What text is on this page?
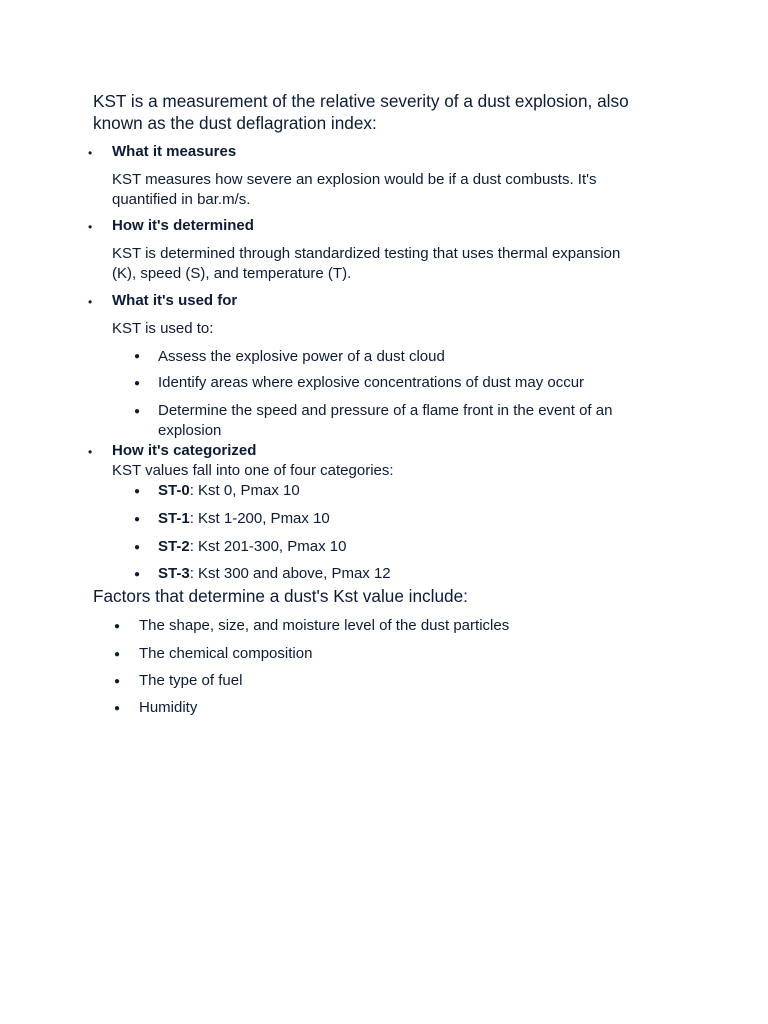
KST is a measurement of the relative severity of a dust explosion, also
known as the dust deflagration index:
• What it measures
KST measures how severe an explosion would be if a dust combusts. It's
quantified in bar.m/s.
• How it's determined
KST is determined through standardized testing that uses thermal expansion
(K), speed (S), and temperature (T).
• What it's used for
KST is used to:
● Assess the explosive power of a dust cloud
● Identify areas where explosive concentrations of dust may occur
● Determine the speed and pressure of a flame front in the event of an
explosion
• How it's categorized
KST values fall into one of four categories:
● ST-0: Kst 0, Pmax 10
● ST-1: Kst 1-200, Pmax 10
● ST-2: Kst 201-300, Pmax 10
● ST-3: Kst 300 and above, Pmax 12
Factors that determine a dust's Kst value include:
● The shape, size, and moisture level of the dust particles
● The chemical composition
● The type of fuel
● Humidity
